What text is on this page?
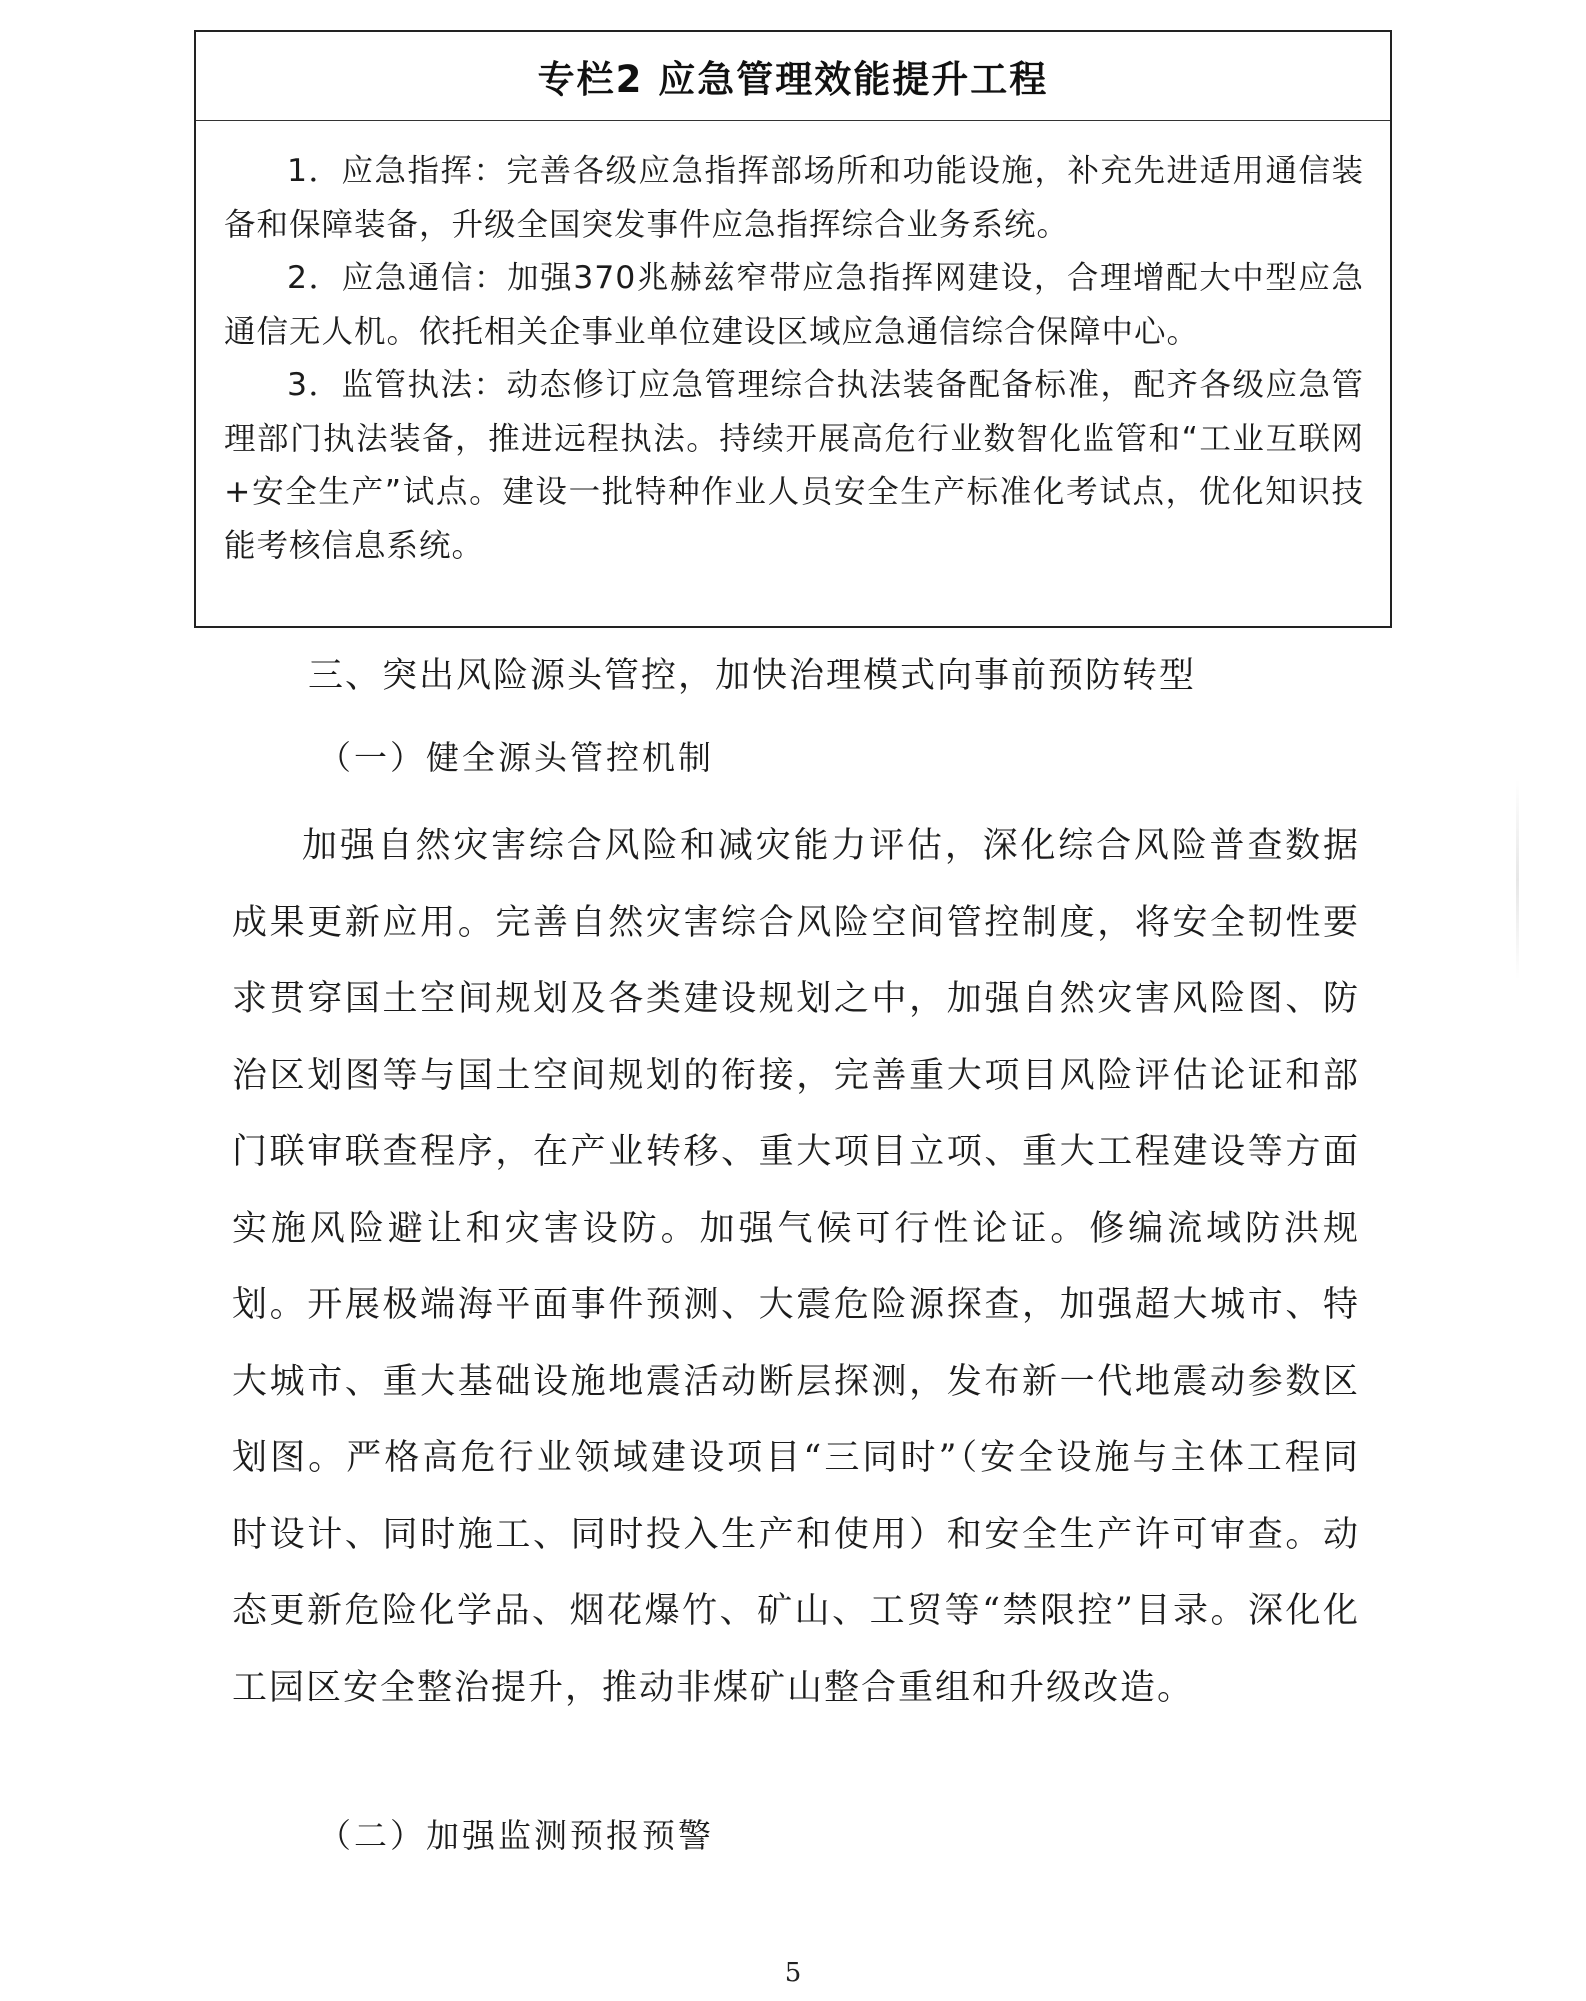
专栏2 应急管理效能提升工程

1．应急指挥：完善各级应急指挥部场所和功能设施，补充先进适用通信装备和保障装备，升级全国突发事件应急指挥综合业务系统。

2．应急通信：加强370兆赫兹窄带应急指挥网建设，合理增配大中型应急通信无人机。依托相关企事业单位建设区域应急通信综合保障中心。

3．监管执法：动态修订应急管理综合执法装备配备标准，配齐各级应急管理部门执法装备，推进远程执法。持续开展高危行业数智化监管和“工业互联网+安全生产”试点。建设一批特种作业人员安全生产标准化考试点，优化知识技能考核信息系统。

三、突出风险源头管控，加快治理模式向事前预防转型
（一）健全源头管控机制

加强自然灾害综合风险和减灾能力评估，深化综合风险普查数据成果更新应用。完善自然灾害综合风险空间管控制度，将安全韧性要求贯穿国土空间规划及各类建设规划之中，加强自然灾害风险图、防治区划图等与国土空间规划的衔接，完善重大项目风险评估论证和部门联审联查程序，在产业转移、重大项目立项、重大工程建设等方面实施风险避让和灾害设防。加强气候可行性论证。修编流域防洪规划。开展极端海平面事件预测、大震危险源探查，加强超大城市、特大城市、重大基础设施地震活动断层探测，发布新一代地震动参数区划图。严格高危行业领域建设项目“三同时”（安全设施与主体工程同时设计、同时施工、同时投入生产和使用）和安全生产许可审查。动态更新危险化学品、烟花爆竹、矿山、工贸等“禁限控”目录。深化化工园区安全整治提升，推动非煤矿山整合重组和升级改造。

（二）加强监测预报预警
5
